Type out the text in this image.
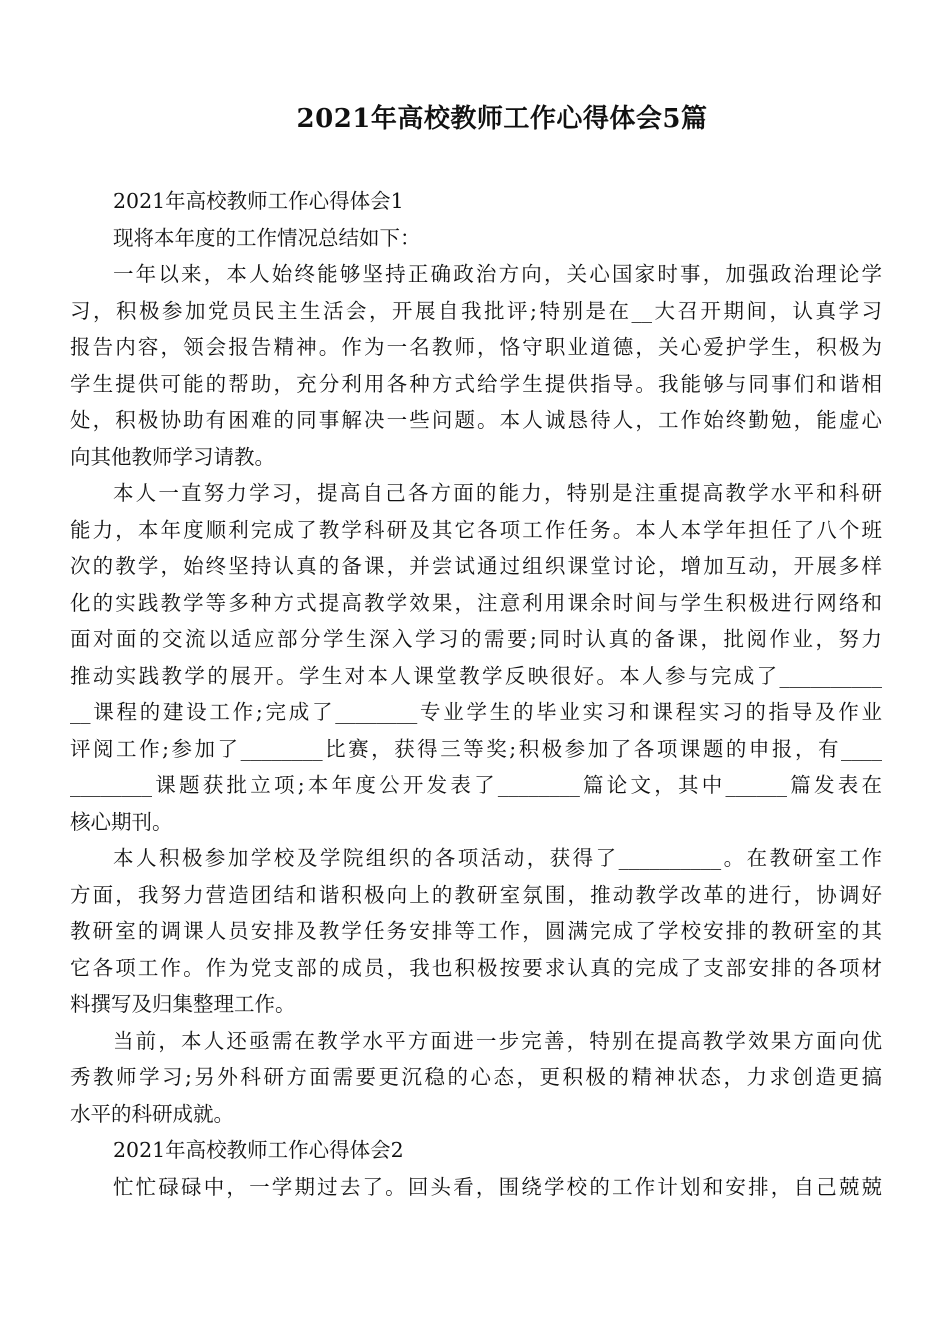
2021年高校教师工作心得体会5篇
2021年高校教师工作心得体会1
现将本年度的工作情况总结如下：
一年以来，本人始终能够坚持正确政治方向，关心国家时事，加强政治理论学
习，积极参加党员民主生活会，开展自我批评;特别是在__大召开期间，认真学习
报告内容，领会报告精神。作为一名教师，恪守职业道德，关心爱护学生，积极为
学生提供可能的帮助，充分利用各种方式给学生提供指导。我能够与同事们和谐相
处，积极协助有困难的同事解决一些问题。本人诚恳待人，工作始终勤勉，能虚心
向其他教师学习请教。
本人一直努力学习，提高自己各方面的能力，特别是注重提高教学水平和科研
能力，本年度顺利完成了教学科研及其它各项工作任务。本人本学年担任了八个班
次的教学，始终坚持认真的备课，并尝试通过组织课堂讨论，增加互动，开展多样
化的实践教学等多种方式提高教学效果，注意利用课余时间与学生积极进行网络和
面对面的交流以适应部分学生深入学习的需要;同时认真的备课，批阅作业，努力
推动实践教学的展开。学生对本人课堂教学反映很好。本人参与完成了__________
__课程的建设工作;完成了________专业学生的毕业实习和课程实习的指导及作业
评阅工作;参加了________比赛，获得三等奖;积极参加了各项课题的申报，有____
________课题获批立项;本年度公开发表了________篇论文，其中______篇发表在
核心期刊。
本人积极参加学校及学院组织的各项活动，获得了__________。在教研室工作
方面，我努力营造团结和谐积极向上的教研室氛围，推动教学改革的进行，协调好
教研室的调课人员安排及教学任务安排等工作，圆满完成了学校安排的教研室的其
它各项工作。作为党支部的成员，我也积极按要求认真的完成了支部安排的各项材
料撰写及归集整理工作。
当前，本人还亟需在教学水平方面进一步完善，特别在提高教学效果方面向优
秀教师学习;另外科研方面需要更沉稳的心态，更积极的精神状态，力求创造更搞
水平的科研成就。
2021年高校教师工作心得体会2
忙忙碌碌中，一学期过去了。回头看，围绕学校的工作计划和安排，自己兢兢
